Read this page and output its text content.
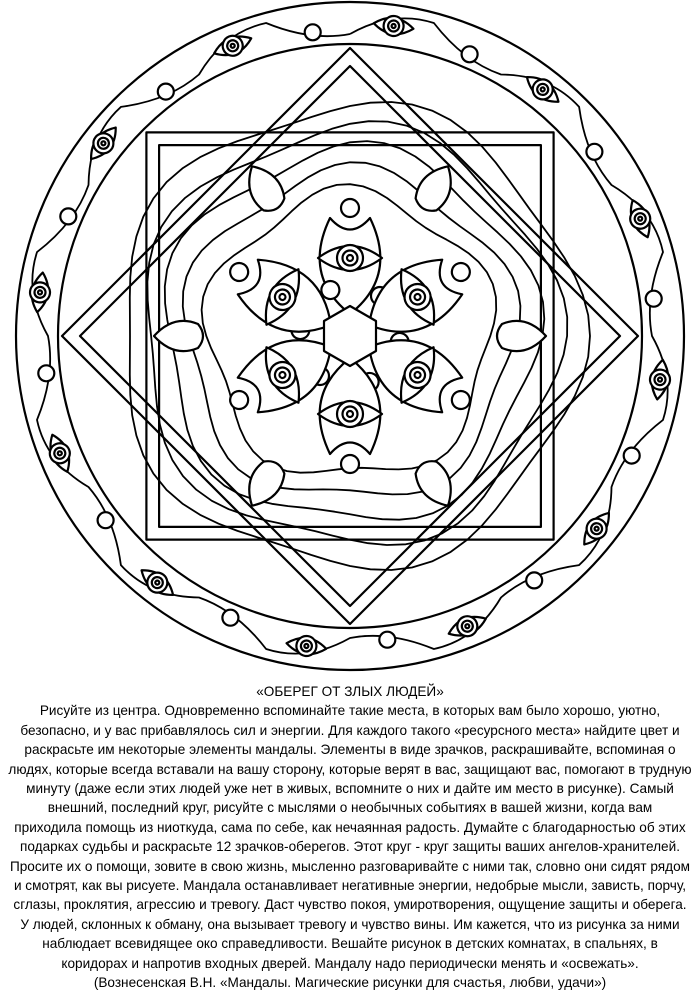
«ОБЕРЕГ ОТ ЗЛЫХ ЛЮДЕЙ»

Рисуйте из центра. Одновременно вспоминайте такие места, в которых вам было хорошо, уютно,

безопасно, и у вас прибавлялось сил и энергии. Для каждого такого «ресурсного места» найдите цвет и

раскрасьте им некоторые элементы мандалы. Элементы в виде зрачков, раскрашивайте, вспоминая о

людях, которые всегда вставали на вашу сторону, которые верят в вас, защищают вас, помогают в трудную

минуту (даже если этих людей уже нет в живых, вспомните о них и дайте им место в рисунке). Самый

внешний, последний круг, рисуйте с мыслями о необычных событиях в вашей жизни, когда вам

приходила помощь из ниоткуда, сама по себе, как нечаянная радость. Думайте с благодарностью об этих

подарках судьбы и раскрасьте 12 зрачков-оберегов. Этот круг - круг защиты ваших ангелов-хранителей.

Просите их о помощи, зовите в свою жизнь, мысленно разговаривайте с ними так, словно они сидят рядом

и смотрят, как вы рисуете. Мандала останавливает негативные энергии, недобрые мысли, зависть, порчу,

сглазы, проклятия, агрессию и тревогу. Даст чувство покоя, умиротворения, ощущение защиты и оберега.

У людей, склонных к обману, она вызывает тревогу и чувство вины. Им кажется, что из рисунка за ними

наблюдает всевидящее око справедливости. Вешайте рисунок в детских комнатах, в спальнях, в

коридорах и напротив входных дверей. Мандалу надо периодически менять и «освежать».

(Вознесенская В.Н. «Мандалы. Магические рисунки для счастья, любви, удачи»)
